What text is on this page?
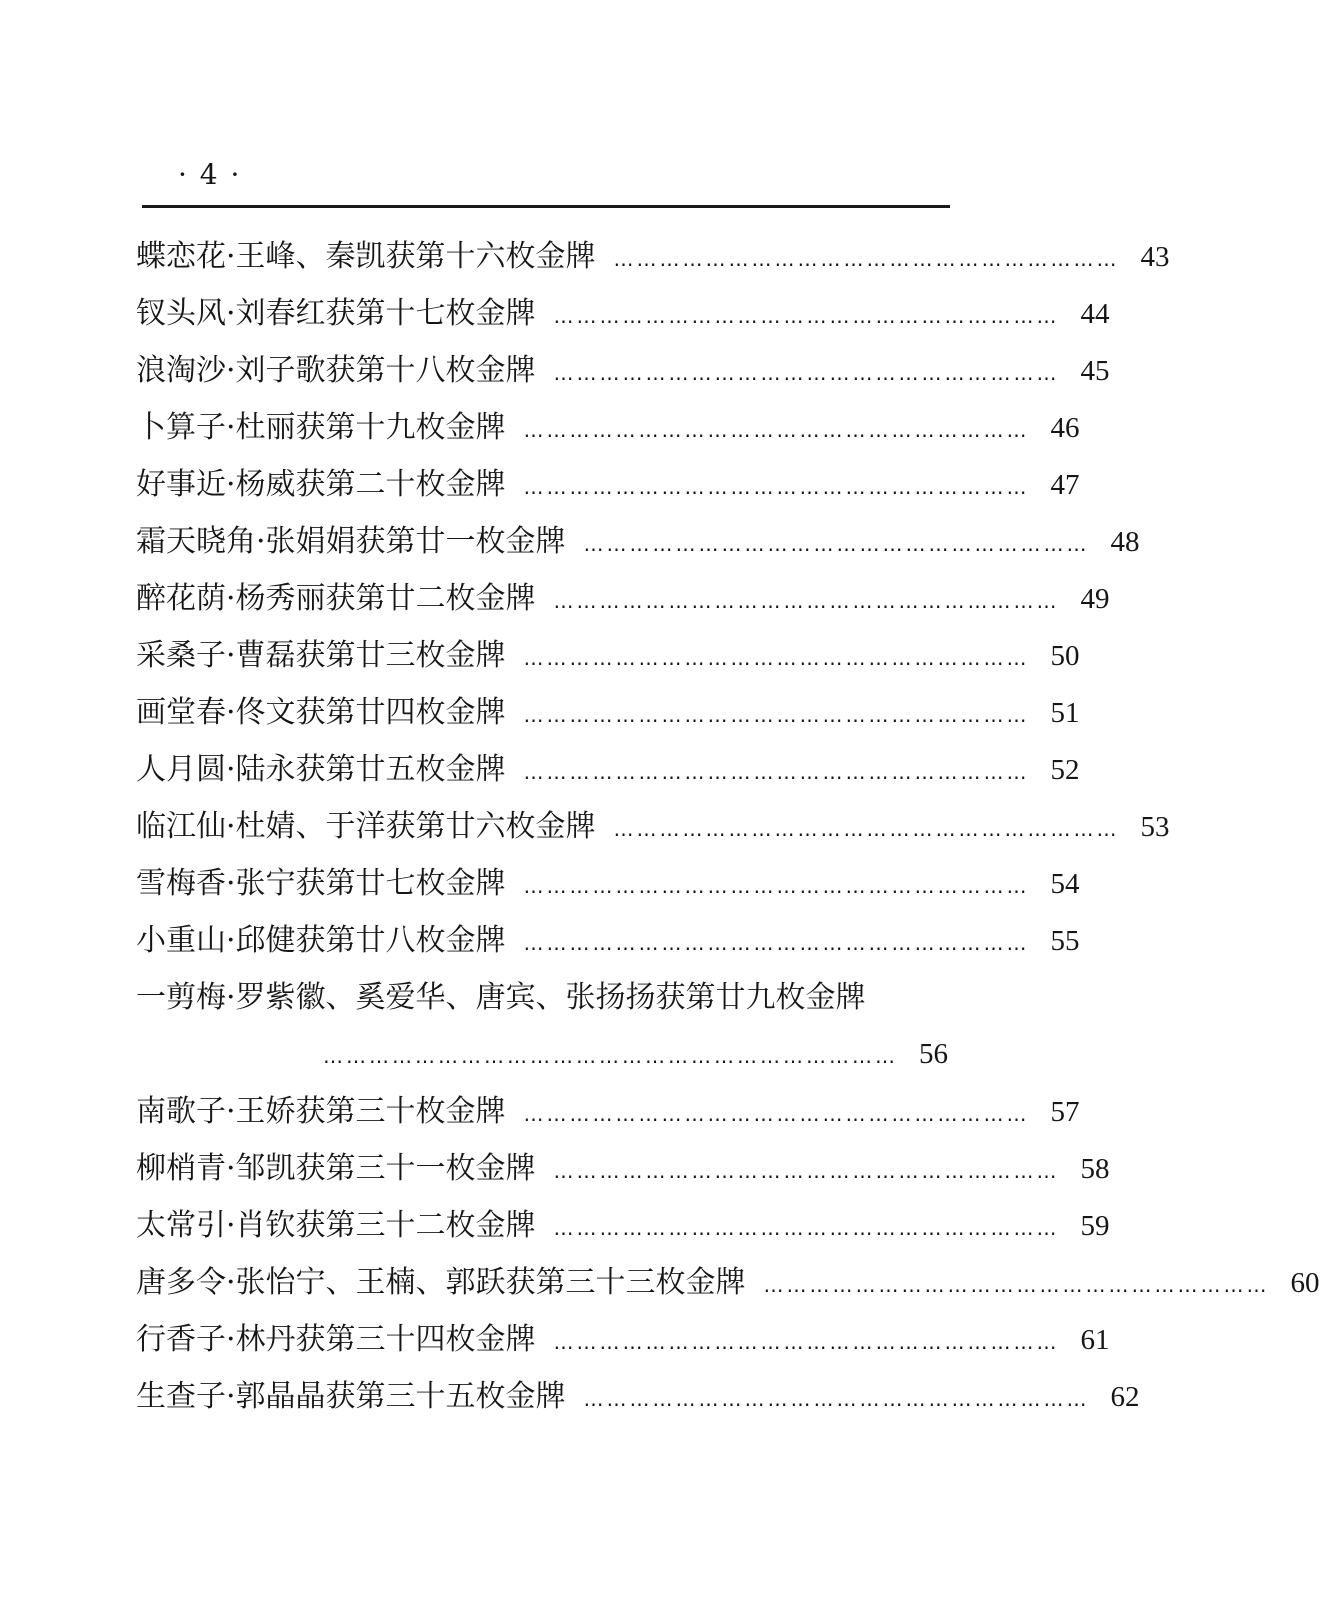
· 4 ·
蝶恋花·王峰、秦凯获第十六枚金牌 ………………………………………………………… 43
钗头风·刘春红获第十七枚金牌 ………………………………………………………… 44
浪淘沙·刘子歌获第十八枚金牌 ………………………………………………………… 45
卜算子·杜丽获第十九枚金牌 ………………………………………………………… 46
好事近·杨威获第二十枚金牌 ………………………………………………………… 47
霜天晓角·张娟娟获第廿一枚金牌 ………………………………………………………… 48
醉花荫·杨秀丽获第廿二枚金牌 ………………………………………………………… 49
采桑子·曹磊获第廿三枚金牌 ………………………………………………………… 50
画堂春·佟文获第廿四枚金牌 ………………………………………………………… 51
人月圆·陆永获第廿五枚金牌 ………………………………………………………… 52
临江仙·杜婧、于洋获第廿六枚金牌 ………………………………………………………… 53
雪梅香·张宁获第廿七枚金牌 ………………………………………………………… 54
小重山·邱健获第廿八枚金牌 ………………………………………………………… 55
一剪梅·罗紫徽、奚爱华、唐宾、张扬扬获第廿九枚金牌
………………………………………………………………… 56
南歌子·王娇获第三十枚金牌 ………………………………………………………… 57
柳梢青·邹凯获第三十一枚金牌 ………………………………………………………… 58
太常引·肖钦获第三十二枚金牌 ………………………………………………………… 59
唐多令·张怡宁、王楠、郭跃获第三十三枚金牌 ………………………………………………………… 60
行香子·林丹获第三十四枚金牌 ………………………………………………………… 61
生查子·郭晶晶获第三十五枚金牌 ………………………………………………………… 62
